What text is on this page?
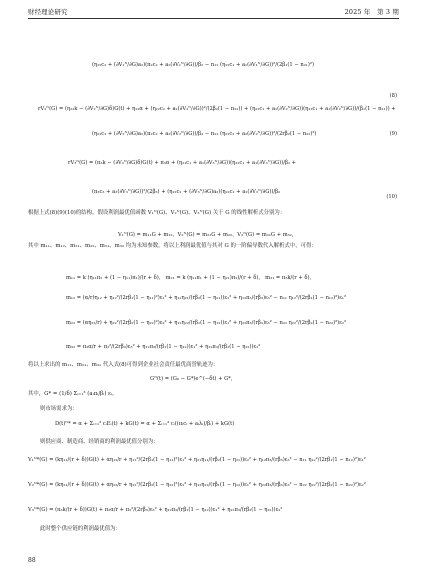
财经理论研究	2025 年　第 3 期
(η₂₂c₂ + (∂V₁ᴺ/∂G)a₂)(π₂c₂ + a₂(∂V₁ᴺ/∂G))/β₂ − n₁₂ (η₂₂c₁ + a₁(∂V₁ᴺ/∂G))²/(2β₁(1 − n₂₁)²)
(8)
rV₂ᴺ(G) = (η₂₂k − (∂V₂ᴺ/∂G)δ)G(t) + η₂₂α + (η₂₂c₂ + a₂(∂V₂ᴺ/∂G))²/(2β₂(1 − n₂₂)) + (η₂₂c₁ + a₁(∂V₂ᴺ/∂G))(η₂₂c₁ + a₁(∂V₂ᴺ/∂G))/(β₁(1 − n₂₁)) +
(η₂₂c₂ + (∂V₂ᴺ/∂G)a₂)(π₂c₂ + a₂(∂V₂ᴺ/∂G))/β₂ − n₂₂ (η₂₂c₂ + a₂(∂V₂ᴺ/∂G))²/(2rβ₂(1 − n₂₂)²)	(9)
rV₃ᴺ(G) = (π₃k − (∂V₃ᴺ/∂G)δ)G(t) + π₃α + (η₂₁c₁ + a₁(∂V₃ᴺ/∂G))(η₂₂c₁ + a₁(∂V₃ᴺ/∂G))/β₁ +
(π₃c₃ + a₃(∂V₃ᴺ/∂G))²/(2β₃) + (η₂₂c₂ + (∂V₃ᴺ/∂G)a₂)(η₂₂c₂ + a₂(∂V₃ᴺ/∂G))/β₂
(10)
根据上式(8)(9)(10)的结构，假设利润最优值函数 V₁ᴺ(G)、V₂ᴺ(G)、V₃ᴺ(G) 关于 G 的线性解析式分别为：
V₁ᴺ(G) = m₁₁G + m₁₂，V₂ᴺ(G) = m₂₁G + m₂₂，V₃ᴺ(G) = m₃₁G + m₃₂，
其中 m₁₁、m₁₂、m₂₁、m₂₂、m₃₁、m₃₂ 均为未知参数，将以上利润最优值与其对 G 的一阶偏导数代入解析式中，可得：
m₁₁ = k (η₁₁π₂ + (1 − η₁₁)π₁)/(r + δ)， m₂₁ = k (η₂₁π₁ + (1 − η₂₁)π₂)/(r + δ)， m₃₁ = π₃k/(r + δ)，
m₁₂ = (α/r)η₁₂ + η₁₂²/(2rβ₁(1 − η₁₁)²)ε₁² + η₁₁η₂₁/(rβ₂(1 − η₂₁))ε₂² + η₁₂π₃/(rβ₃)ε₃² − n₁₁ η₁₂²/(2rβ₁(1 − n₁₂)²)ε₁²
m₂₂ = (αη₂₂/r) + η₂₂²/(2rβ₂(1 − η₂₂)²)ε₂² + η₁₂η₂₂/(rβ₁(1 − η₁₂))ε₁² + η₂₂π₃/(rβ₃)ε₃² − n₂₂ η₂₂²/(2rβ₂(1 − n₂₂)²)ε₂²
m₃₂ = π₃α/r + π₃²/(2rβ₃)ε₃² + η₁₂π₃/(rβ₁(1 − η₁₂))ε₁² + η₂₂π₃/(rβ₂(1 − η₂₂))ε₂²
将以上求出的 m₁₁、m₂₁、m₃₁ 代入式(8)可得到企业社会责任最优商誉轨迹为：
Gᴺ(t) = (G₀ − G*)e^(−δt) + G*，
其中，G* = (1/δ) Σᵢ₌₁³ (aᵢπᵢ/βᵢ) εᵢ。
则市场需求为：
D(t)ᴺ* = α + Σᵢ₌₁³ cᵢEᵢ(t) + kG(t) = α + Σᵢ₌₁³ cᵢ((πᵢcᵢ + aᵢλᵢ)/βᵢ) + kG(t)
则供应商、制造商、经销商的利润最优值分别为：
V₁ᴺ*(G) = (kη₁₁/(r + δ))G(t) + αη₁₂/r + η₁₂²/(2rβ₁(1 − η₁₁)²)ε₁² + η₂₁η₁₁/(rβ₂(1 − η₂₁))ε₂² + η₁₂π₃/(rβ₃)ε₃² − n₁₁ η₁₂²/(2rβ₁(1 − n₁₂)²)ε₁²
V₂ᴺ*(G) = (kη₂₁/(r + δ))G(t) + αη₂₂/r + η₂₂²/(2rβ₂(1 − η₂₂)²)ε₂² + η₁₂η₂₂/(rβ₁(1 − η₁₂))ε₁² + η₂₂π₃/(rβ₃)ε₃² − n₂₂ η₂₂²/(2rβ₂(1 − n₂₂)²)ε₂²
V₃ᴺ*(G) = (π₃k/(r + δ))G(t) + π₃α/r + π₃²/(2rβ₃)ε₃² + η₁₂π₃/(rβ₁(1 − η₁₂))ε₁² + η₂₂π₃/(rβ₂(1 − η₂₂))ε₂²
此时整个供应链的利润最优值为：
88
